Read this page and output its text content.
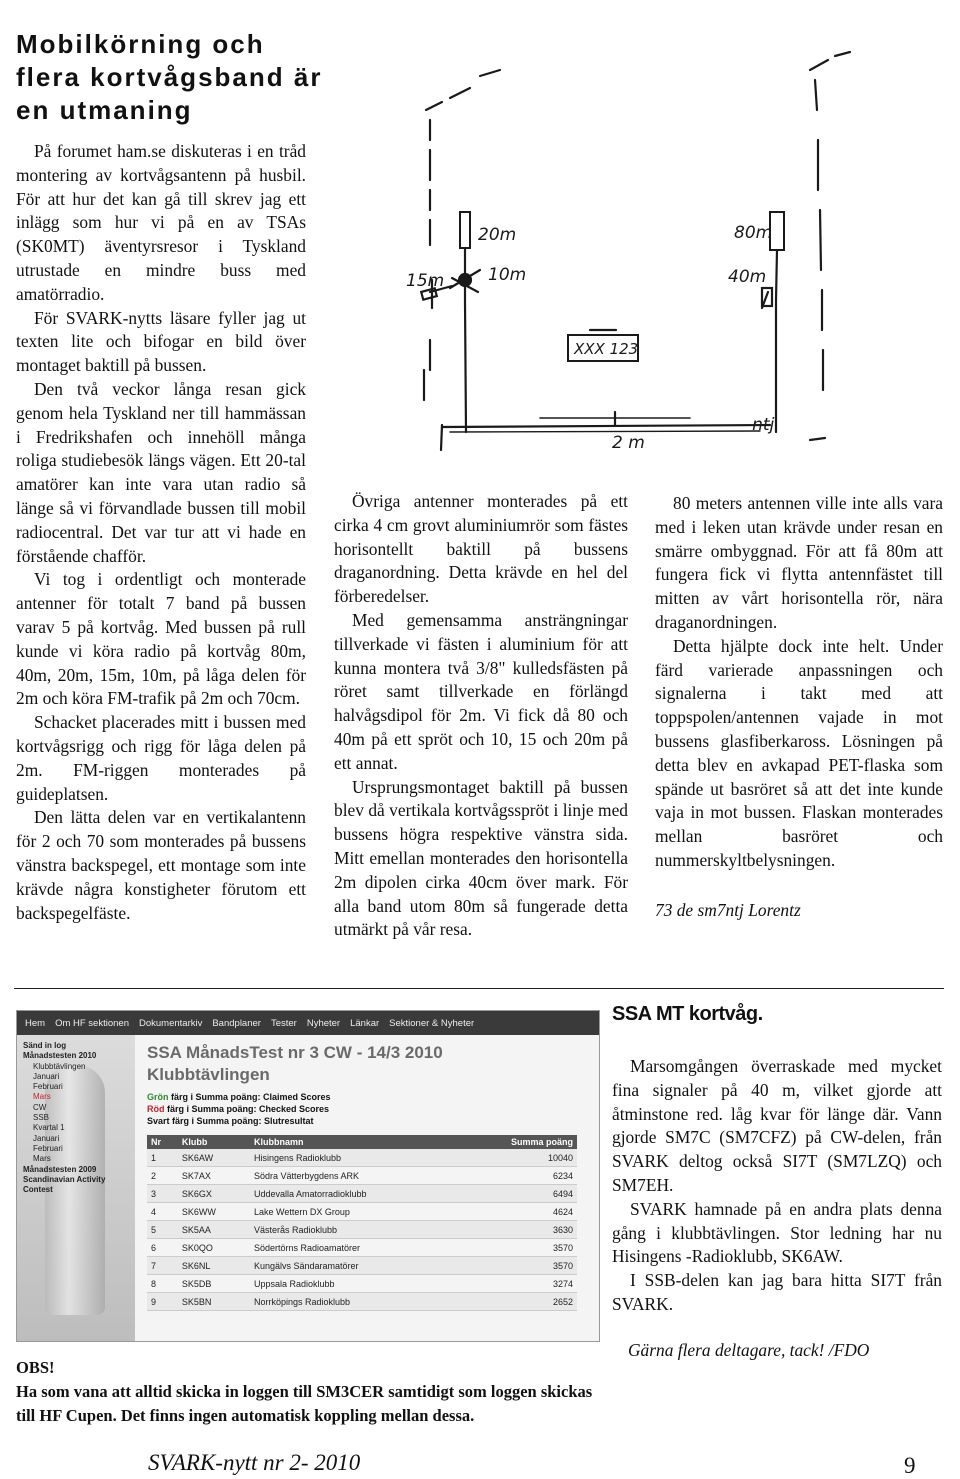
Mobilkörning och
flera kortvågsband är
en utmaning
15m
20m
10m
80m
40m
XXX 123
2 m
-ntj

På forumet ham.se diskuteras i en tråd montering av kortvågsantenn på husbil. För att hur det kan gå till skrev jag ett inlägg som hur vi på en av TSAs (SK0MT) äventyrsresor i Tyskland utrustade en mindre buss med amatörradio.

För SVARK-nytts läsare fyller jag ut texten lite och bifogar en bild över montaget baktill på bussen.

Den två veckor långa resan gick genom hela Tyskland ner till hammässan i Fredrikshafen och innehöll många roliga studiebesök längs vägen. Ett 20-tal amatörer kan inte vara utan radio så länge så vi förvandlade bussen till mobil radiocentral. Det var tur att vi hade en förstående chafför.

Vi tog i ordentligt och monterade antenner för totalt 7 band på bussen varav 5 på kortvåg. Med bussen på rull kunde vi köra radio på kortvåg 80m, 40m, 20m, 15m, 10m, på låga delen för 2m och köra FM-trafik på 2m och 70cm.

Schacket placerades mitt i bussen med kortvågsrigg och rigg för låga delen på 2m. FM-riggen monterades på guideplatsen.

Den lätta delen var en vertikalantenn för 2 och 70 som monterades på bussens vänstra backspegel, ett montage som inte krävde några konstigheter förutom ett backspegelfäste.

Övriga antenner monterades på ett cirka 4 cm grovt aluminiumrör som fästes horisontellt baktill på bussens draganordning. Detta krävde en hel del förberedelser.

Med gemensamma ansträngningar tillverkade vi fästen i aluminium för att kunna montera två 3/8" kulledsfästen på röret samt tillverkade en förlängd halvågsdipol för 2m. Vi fick då 80 och 40m på ett spröt och 10, 15 och 20m på ett annat.

Ursprungsmontaget baktill på bussen blev då vertikala kortvågsspröt i linje med bussens högra respektive vänstra sida. Mitt emellan monterades den horisontella 2m dipolen cirka 40cm över mark. För alla band utom 80m så fungerade detta utmärkt på vår resa.

80 meters antennen ville inte alls vara med i leken utan krävde under resan en smärre ombyggnad. För att få 80m att fungera fick vi flytta antennfästet till mitten av vårt horisontella rör, nära draganordningen.

Detta hjälpte dock inte helt. Under färd varierade anpassningen och signalerna i takt med att toppspolen/antennen vajade in mot bussens glasfiberkaross. Lösningen på detta blev en avkapad PET-flaska som spände ut basröret så att det inte kunde vaja in mot bussen. Flaskan monterades mellan basröret och nummerskyltbelysningen.

73 de sm7ntj Lorentz

Hem Om HF sektionen Dokumentarkiv Bandplaner Tester Nyheter Länkar Sektioner & Nyheter
Sänd in log
Månadstesten 2010
Klubbtävlingen
Januari
Februari
Mars
CW
SSB
Kvartal 1
Januari
Februari
Mars
Månadstesten 2009
Scandinavian Activity
Contest
SSA MånadsTest nr 3 CW - 14/3 2010
Klubbtävlingen
Grön färg i Summa poäng: Claimed Scores
Röd färg i Summa poäng: Checked Scores
Svart färg i Summa poäng: Slutresultat
Nr	Klubb	Klubbnamn	Summa poäng
1	SK6AW	Hisingens Radioklubb	10040
2	SK7AX	Södra Vätterbygdens ARK	6234
3	SK6GX	Uddevalla Amatorradioklubb	6494
4	SK6WW	Lake Wettern DX Group	4624
5	SK5AA	Västerås Radioklubb	3630
6	SK0QO	Södertörns Radioamatörer	3570
7	SK6NL	Kungälvs Sändaramatörer	3570
8	SK5DB	Uppsala Radioklubb	3274
9	SK5BN	Norrköpings Radioklubb	2652
SSA MT kortvåg.

Marsomgången överraskade med mycket fina signaler på 40 m, vilket gjorde att åtminstone red. låg kvar för länge där. Vann gjorde SM7C (SM7CFZ) på CW-delen, från SVARK deltog också SI7T (SM7LZQ) och SM7EH.

SVARK hamnade på en andra plats denna gång i klubbtävlingen. Stor ledning har nu Hisingens -Radioklubb, SK6AW.

I SSB-delen kan jag bara hitta SI7T från SVARK.

Gärna flera deltagare, tack! /FDO
OBS!
Ha som vana att alltid skicka in loggen till SM3CER samtidigt som loggen skickas
till HF Cupen. Det finns ingen automatisk koppling mellan dessa.
SVARK-nytt nr 2- 2010	9
